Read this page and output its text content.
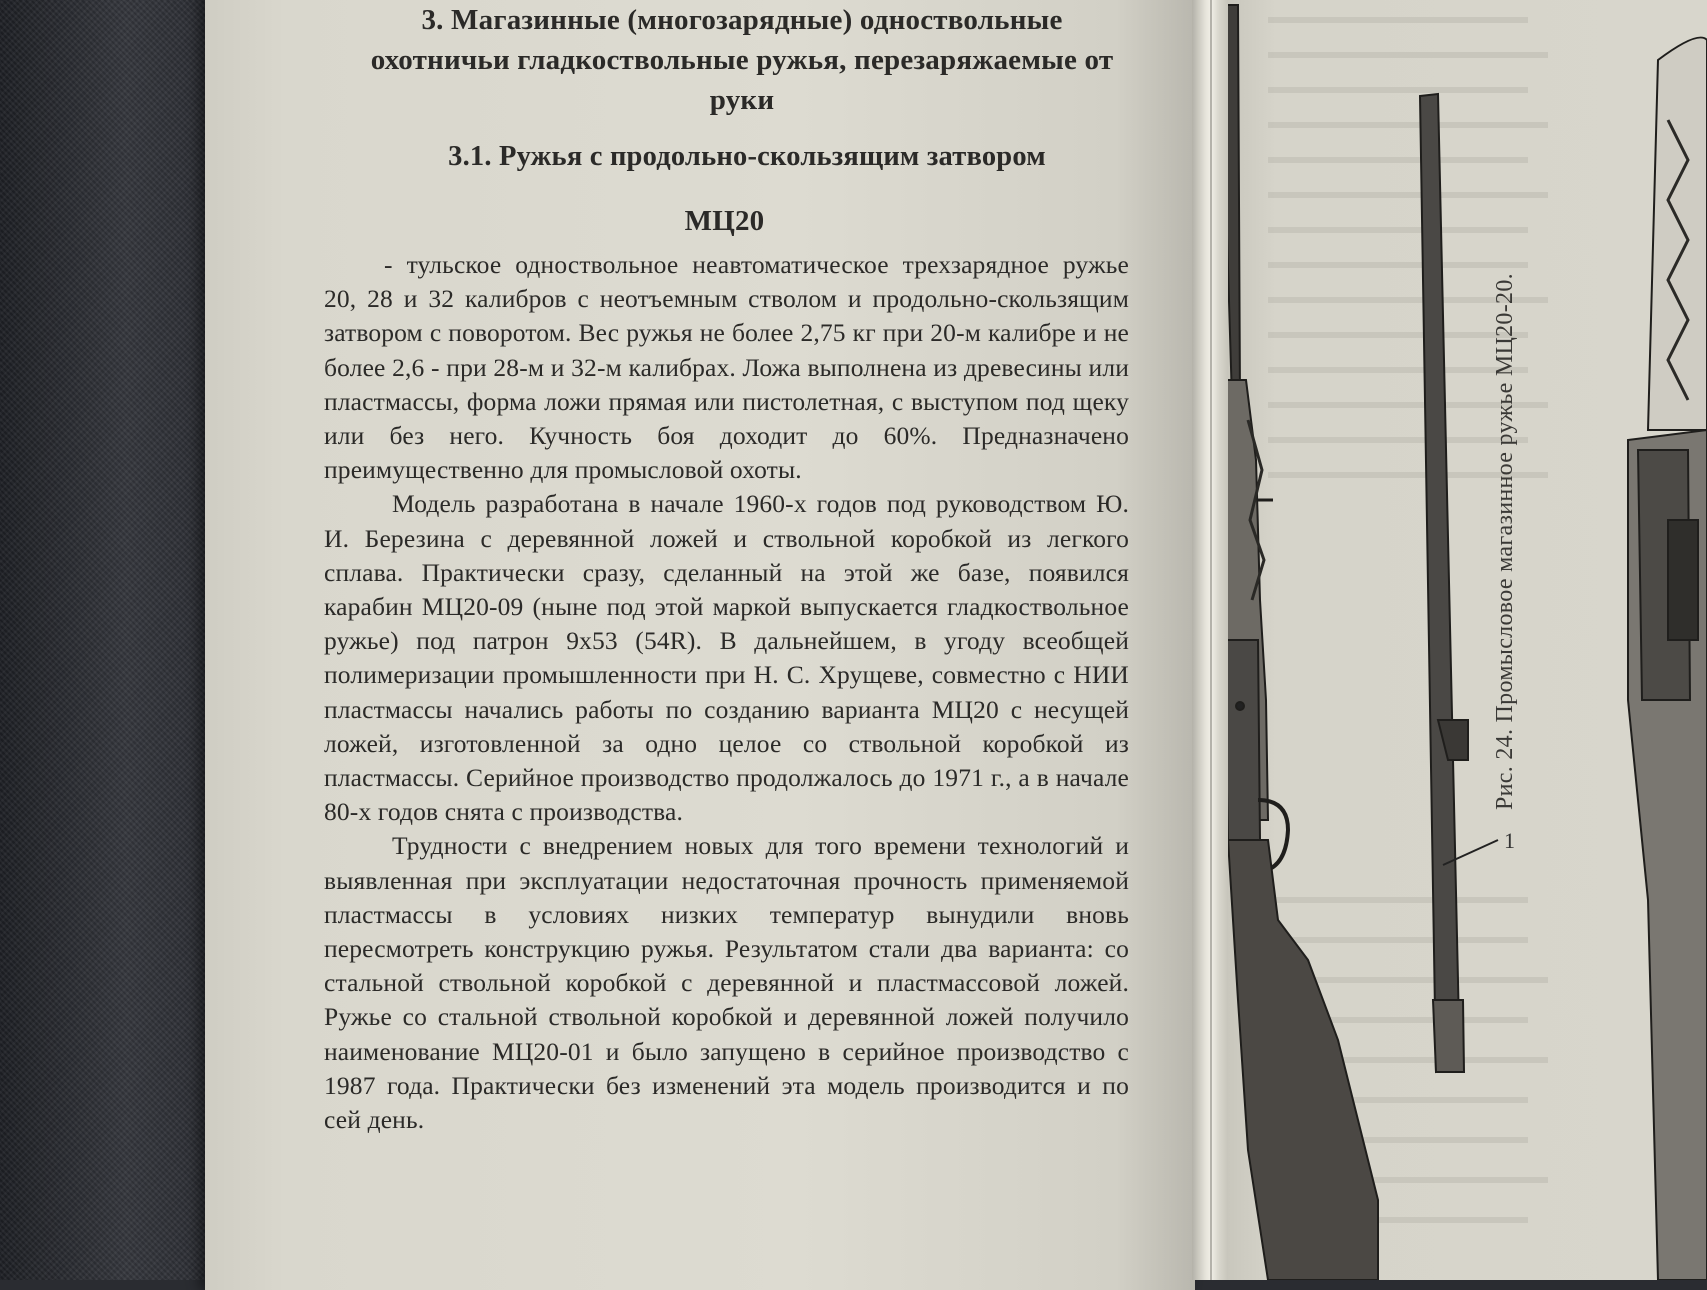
3. Магазинные (многозарядные) одноствольные охотничьи гладкоствольные ружья, перезаряжаемые от руки
3.1. Ружья с продольно-скользящим затвором
МЦ20

- тульское одноствольное неавтоматическое трехзарядное ружье 20, 28 и 32 калибров с неотъемным стволом и продольно-скользящим затвором с поворотом. Вес ружья не более 2,75 кг при 20-м калибре и не более 2,6 - при 28-м и 32-м калибрах. Ложа выполнена из древесины или пластмассы, форма ложи прямая или пистолетная, с выступом под щеку или без него. Кучность боя доходит до 60%. Предназначено преимущественно для промысловой охоты.

Модель разработана в начале 1960-х годов под руководством Ю. И. Березина с деревянной ложей и ствольной коробкой из легкого сплава. Практически сразу, сделанный на этой же базе, появился карабин МЦ20-09 (ныне под этой маркой выпускается гладкоствольное ружье) под патрон 9х53 (54R). В дальнейшем, в угоду всеобщей полимеризации промышленности при Н. С. Хрущеве, совместно с НИИ пластмассы начались работы по созданию варианта МЦ20 с несущей ложей, изготовленной за одно целое со ствольной коробкой из пластмассы. Серийное производство продолжалось до 1971 г., а в начале 80-х годов снята с производства.

Трудности с внедрением новых для того времени технологий и выявленная при эксплуатации недостаточная прочность применяемой пластмассы в условиях низких температур вынудили вновь пересмотреть конструкцию ружья. Результатом стали два варианта: со стальной ствольной коробкой с деревянной и пластмассовой ложей. Ружье со стальной ствольной коробкой и деревянной ложей получило наименование МЦ20-01 и было запущено в серийное производство с 1987 года. Практически без изменений эта модель производится и по сей день.

1
Рис. 24. Промысловое магазинное ружье МЦ20-20.
